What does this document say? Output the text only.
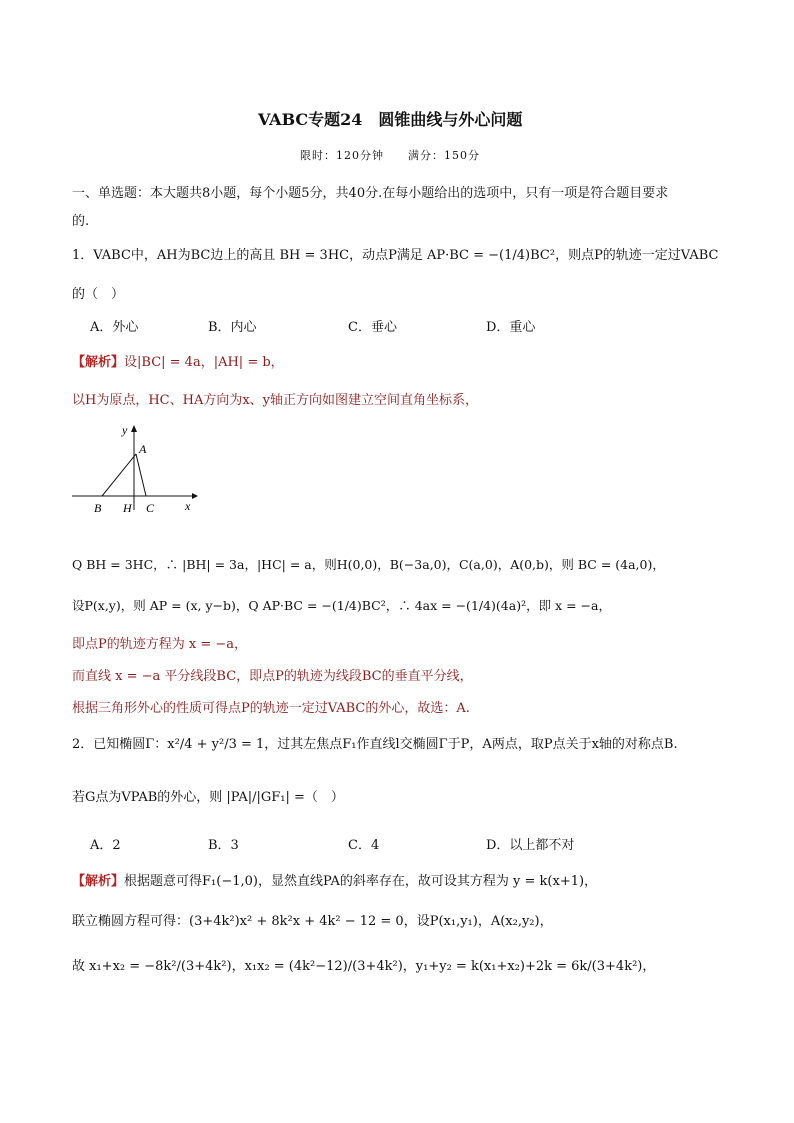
VABC专题24　圆锥曲线与外心问题
限时：120分钟　　满分：150分
一、单选题：本大题共8小题，每个小题5分，共40分.在每小题给出的选项中，只有一项是符合题目要求
的.
1．VABC中，AH为BC边上的高且 BH = 3HC，动点P满足 AP·BC = −(1/4)BC²，则点P的轨迹一定过VABC
的（　）
A．外心	B．内心	C．垂心	D．重心
【解析】设|BC| = 4a，|AH| = b，
以H为原点，HC、HA方向为x、y轴正方向如图建立空间直角坐标系，
y
A
x
B H C
Q BH = 3HC，∴ |BH| = 3a，|HC| = a，则H(0,0)，B(−3a,0)，C(a,0)，A(0,b)，则 BC = (4a,0)，
设P(x,y)，则 AP = (x, y−b)，Q AP·BC = −(1/4)BC²，∴ 4ax = −(1/4)(4a)²，即 x = −a，
即点P的轨迹方程为 x = −a，
而直线 x = −a 平分线段BC，即点P的轨迹为线段BC的垂直平分线，
根据三角形外心的性质可得点P的轨迹一定过VABC的外心，故选：A.
2．已知椭圆Γ：x²/4 + y²/3 = 1，过其左焦点F₁作直线l交椭圆Γ于P，A两点，取P点关于x轴的对称点B.
若G点为VPAB的外心，则 |PA|/|GF₁| =（　）
A．2	B．3	C．4	D．以上都不对
【解析】根据题意可得F₁(−1,0)，显然直线PA的斜率存在，故可设其方程为 y = k(x+1)，
联立椭圆方程可得：(3+4k²)x² + 8k²x + 4k² − 12 = 0，设P(x₁,y₁)，A(x₂,y₂)，
故 x₁+x₂ = −8k²/(3+4k²)，x₁x₂ = (4k²−12)/(3+4k²)，y₁+y₂ = k(x₁+x₂)+2k = 6k/(3+4k²)，
